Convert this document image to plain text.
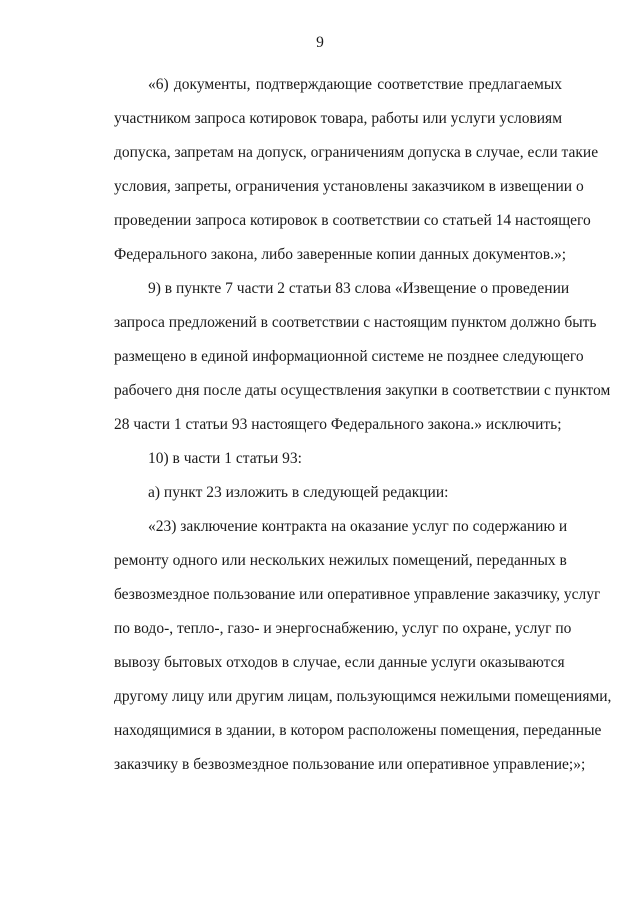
9
«6) документы, подтверждающие соответствие предлагаемых
участником запроса котировок товара, работы или услуги условиям
допуска, запретам на допуск, ограничениям допуска в случае, если такие
условия, запреты, ограничения установлены заказчиком в извещении о
проведении запроса котировок в соответствии со статьей 14 настоящего
Федерального закона, либо заверенные копии данных документов.»;
9) в пункте 7 части 2 статьи 83 слова «Извещение о проведении
запроса предложений в соответствии с настоящим пунктом должно быть
размещено в единой информационной системе не позднее следующего
рабочего дня после даты осуществления закупки в соответствии с пунктом
28 части 1 статьи 93 настоящего Федерального закона.» исключить;
10) в части 1 статьи 93:
а) пункт 23 изложить в следующей редакции:
«23) заключение контракта на оказание услуг по содержанию и
ремонту одного или нескольких нежилых помещений, переданных в
безвозмездное пользование или оперативное управление заказчику, услуг
по водо-, тепло-, газо- и энергоснабжению, услуг по охране, услуг по
вывозу бытовых отходов в случае, если данные услуги оказываются
другому лицу или другим лицам, пользующимся нежилыми помещениями,
находящимися в здании, в котором расположены помещения, переданные
заказчику в безвозмездное пользование или оперативное управление;»;
